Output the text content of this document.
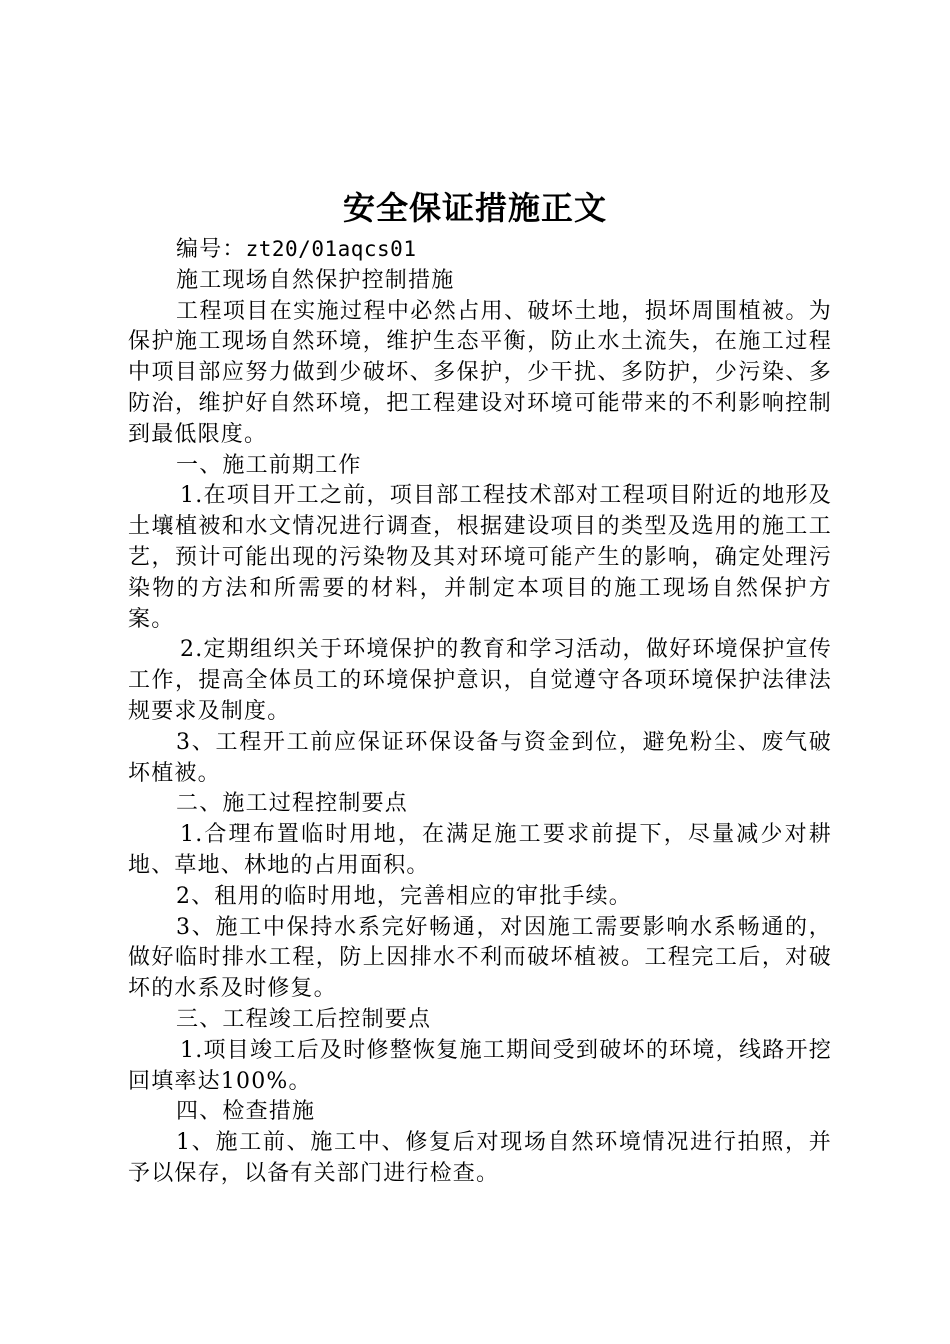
安全保证措施正文

编号：zt20/01aqcs01

施工现场自然保护控制措施

工程项目在实施过程中必然占用、破坏土地，损坏周围植被。为保护施工现场自然环境，维护生态平衡，防止水土流失，在施工过程中项目部应努力做到少破坏、多保护，少干扰、多防护，少污染、多防治，维护好自然环境，把工程建设对环境可能带来的不利影响控制到最低限度。

一、施工前期工作

1.在项目开工之前，项目部工程技术部对工程项目附近的地形及土壤植被和水文情况进行调查，根据建设项目的类型及选用的施工工艺，预计可能出现的污染物及其对环境可能产生的影响，确定处理污染物的方法和所需要的材料，并制定本项目的施工现场自然保护方案。

2.定期组织关于环境保护的教育和学习活动，做好环境保护宣传工作，提高全体员工的环境保护意识，自觉遵守各项环境保护法律法规要求及制度。

3、工程开工前应保证环保设备与资金到位，避免粉尘、废气破坏植被。

二、施工过程控制要点

1.合理布置临时用地，在满足施工要求前提下，尽量减少对耕地、草地、林地的占用面积。

2、租用的临时用地，完善相应的审批手续。

3、施工中保持水系完好畅通，对因施工需要影响水系畅通的，做好临时排水工程，防上因排水不利而破坏植被。工程完工后，对破坏的水系及时修复。

三、工程竣工后控制要点

1.项目竣工后及时修整恢复施工期间受到破坏的环境，线路开挖回填率达100%。

四、检查措施

1、施工前、施工中、修复后对现场自然环境情况进行拍照，并予以保存，以备有关部门进行检查。
